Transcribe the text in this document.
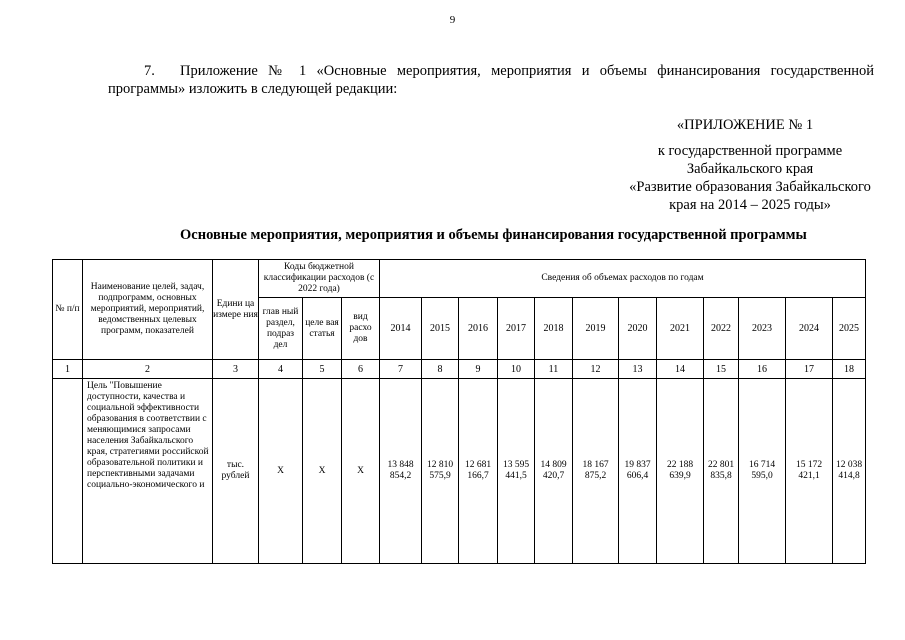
9
7. Приложение № 1 «Основные мероприятия, мероприятия и объемы финансирования государственной программы» изложить в следующей редакции:
«ПРИЛОЖЕНИЕ № 1
к государственной программе
Забайкальского края
«Развитие образования Забайкальского
края на 2014 – 2025 годы»
Основные мероприятия, мероприятия и объемы финансирования государственной программы
№ п/п	Наименование целей, задач, подпрограмм, основных мероприятий, мероприятий, ведомственных целевых программ, показателей	Едини ца измере ния	Коды бюджетной классификации расходов (с 2022 года)			Сведения об объемах расходов по годам											
			глав ный раздел, подраз дел	целе вая статья	вид расхо дов	2014	2015	2016	2017	2018	2019	2020	2021	2022	2023	2024	2025
1	2	3	4	5	6	7	8	9	10	11	12	13	14	15	16	17	18
	Цель "Повышение доступности, качества и социальной эффективности образования в соответствии с меняющимися запросами населения Забайкальского края, стратегиями российской образовательной политики и перспективными задачами социально-экономического и	тыс. рублей	Х	Х	Х	13 848 854,2	12 810 575,9	12 681 166,7	13 595 441,5	14 809 420,7	18 167 875,2	19 837 606,4	22 188 639,9	22 801 835,8	16 714 595,0	15 172 421,1	12 038 414,8
